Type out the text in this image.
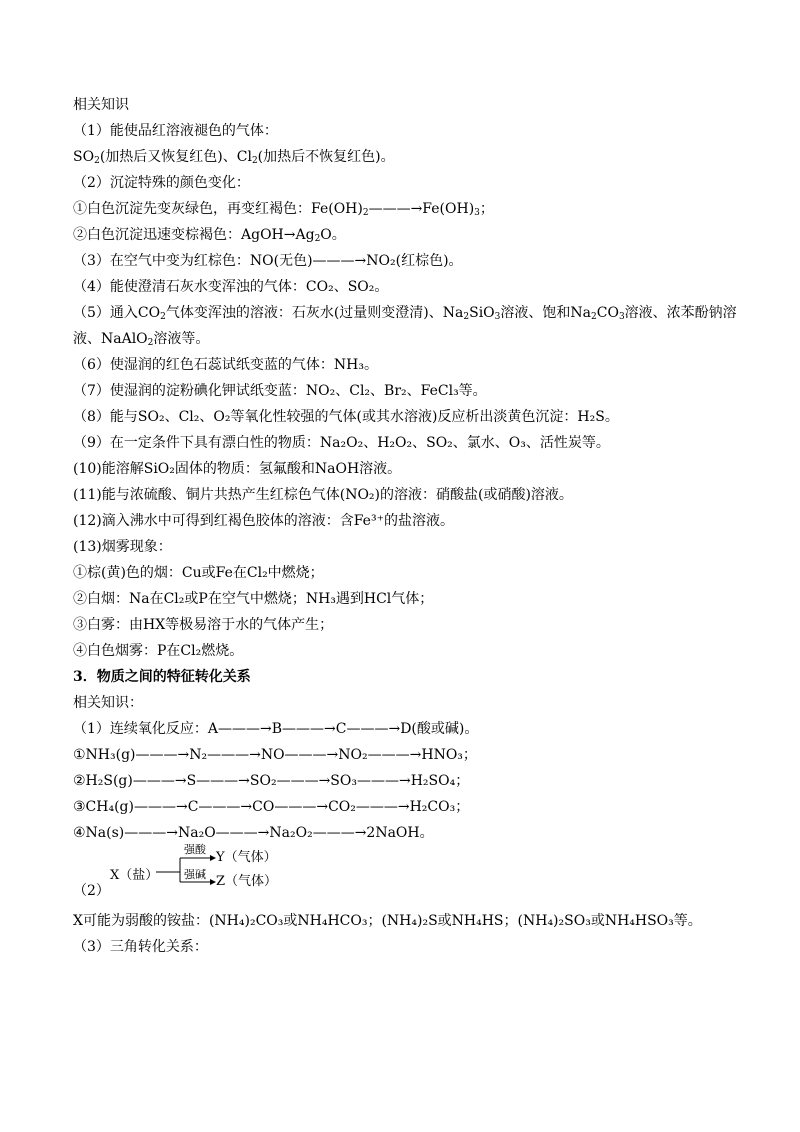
相关知识
（1）能使品红溶液褪色的气体：
$SO_2$(加热后又恢复红色)、$Cl_2$(加热后不恢复红色)。
（2）沉淀特殊的颜色变化：
①白色沉淀先变灰绿色，再变红褐色：$Fe(OH)_2———\to Fe(OH)_3$；
②白色沉淀迅速变棕褐色：$AgOH\to Ag_2O$。
（3）在空气中变为红棕色：NO(无色)———→NO₂(红棕色)。
（4）能使澄清石灰水变浑浊的气体：CO₂、SO₂。
（5）通入$CO_2$气体变浑浊的溶液：石灰水(过量则变澄清)、$Na_2SiO_3$溶液、饱和$Na_2CO_3$溶液、浓苯酚钠溶
液、NaAlO$_2$溶液等。
（6）使湿润的红色石蕊试纸变蓝的气体：NH₃。
（7）使湿润的淀粉碘化钾试纸变蓝：NO₂、Cl₂、Br₂、FeCl₃等。
（8）能与SO₂、Cl₂、O₂等氧化性较强的气体(或其水溶液)反应析出淡黄色沉淀：H₂S。
（9）在一定条件下具有漂白性的物质：Na₂O₂、H₂O₂、SO₂、氯水、O₃、活性炭等。
(10)能溶解SiO₂固体的物质：氢氟酸和NaOH溶液。
(11)能与浓硫酸、铜片共热产生红棕色气体(NO₂)的溶液：硝酸盐(或硝酸)溶液。
(12)滴入沸水中可得到红褐色胶体的溶液：含Fe³⁺的盐溶液。
(13)烟雾现象：
①棕(黄)色的烟：Cu或Fe在Cl₂中燃烧；
②白烟：Na在Cl₂或P在空气中燃烧；NH₃遇到HCl气体；
③白雾：由HX等极易溶于水的气体产生；
④白色烟雾：P在Cl₂燃烧。
3．物质之间的特征转化关系
相关知识：
（1）连续氧化反应：A———→B———→C———→D(酸或碱)。
①NH₃(g)———→N₂———→NO———→NO₂———→HNO₃；
②H₂S(g)———→S———→SO₂———→SO₃———→H₂SO₄；
③CH₄(g)———→C———→CO———→CO₂———→H₂CO₃；
④Na(s)———→Na₂O———→Na₂O₂———→2NaOH。
X（盐）
强酸
强碱
Y（气体）
Z（气体）
（2）
X可能为弱酸的铵盐：(NH₄)₂CO₃或NH₄HCO₃；(NH₄)₂S或NH₄HS；(NH₄)₂SO₃或NH₄HSO₃等。
（3）三角转化关系：
